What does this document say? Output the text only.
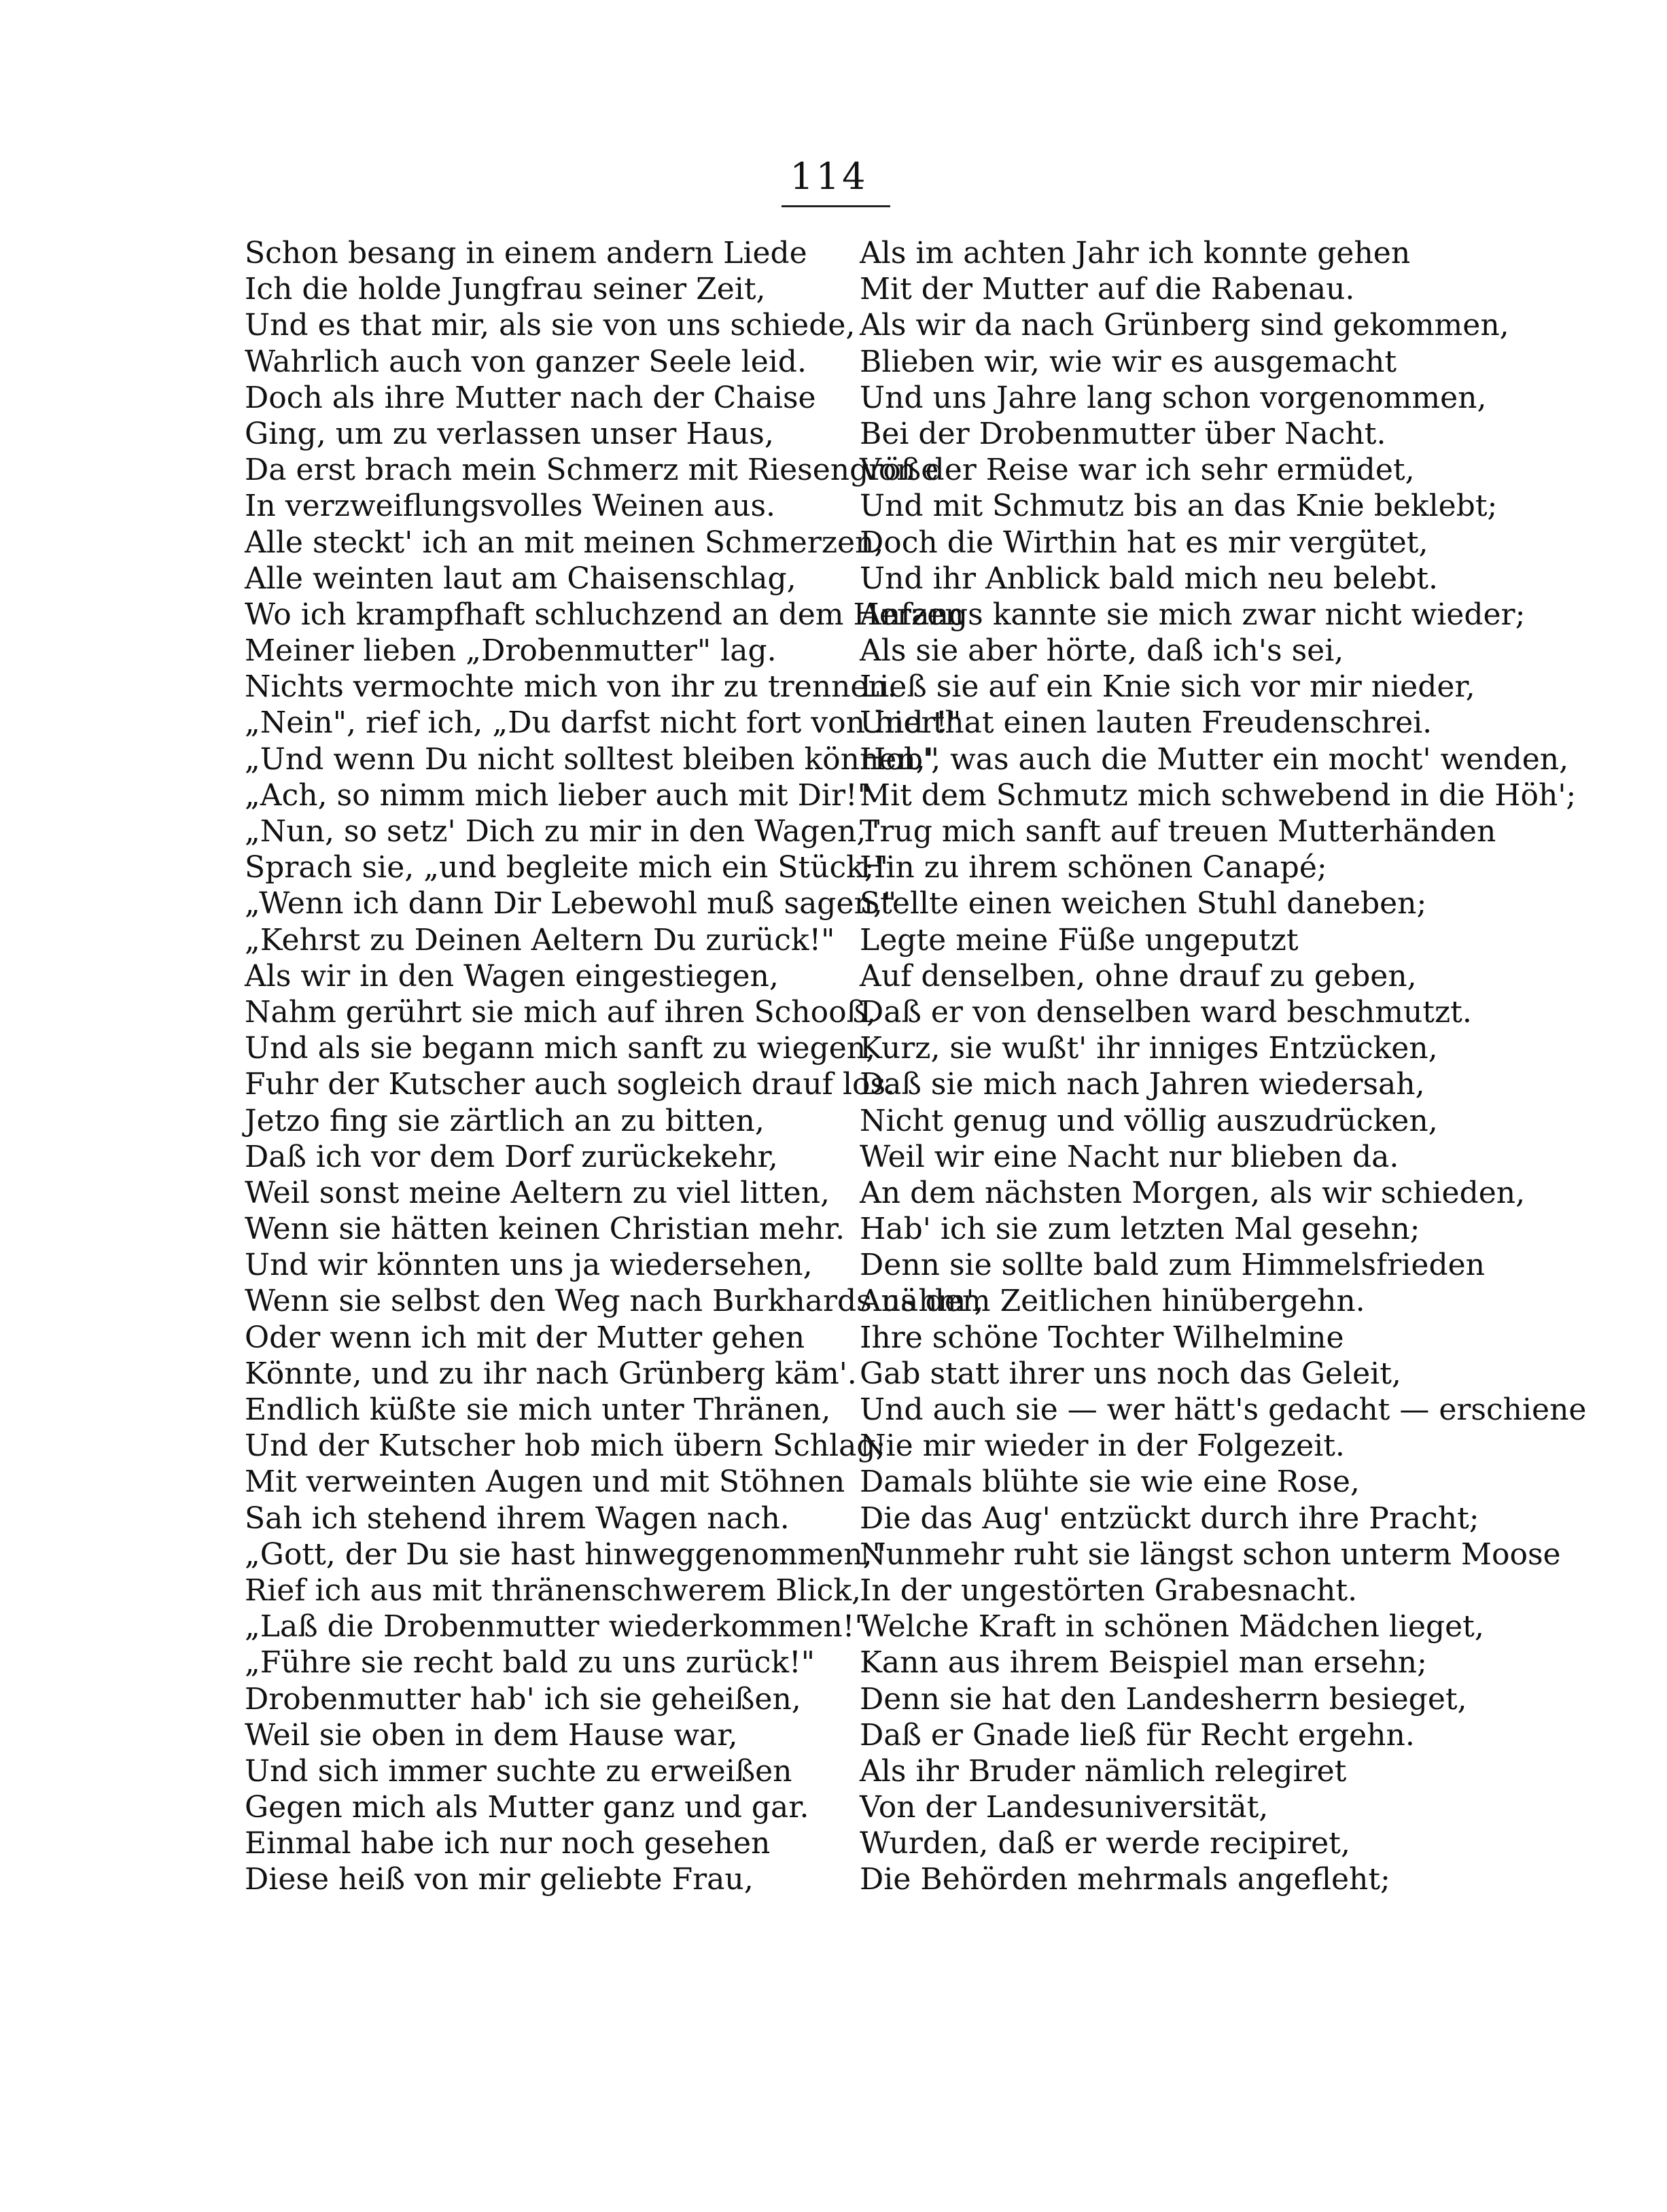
114
Schon besang in einem andern Liede
Ich die holde Jungfrau seiner Zeit,
Und es that mir, als sie von uns schiede,
Wahrlich auch von ganzer Seele leid.
Doch als ihre Mutter nach der Chaise
Ging, um zu verlassen unser Haus,
Da erst brach mein Schmerz mit Riesengröße
In verzweiflungsvolles Weinen aus.
Alle steckt' ich an mit meinen Schmerzen,
Alle weinten laut am Chaisenschlag,
Wo ich krampfhaft schluchzend an dem Herzen
Meiner lieben „Drobenmutter" lag.
Nichts vermochte mich von ihr zu trennen.
„Nein", rief ich, „Du darfst nicht fort von hier!"
„Und wenn Du nicht solltest bleiben können,"
„Ach, so nimm mich lieber auch mit Dir!"
„Nun, so setz' Dich zu mir in den Wagen,"
Sprach sie, „und begleite mich ein Stück;"
„Wenn ich dann Dir Lebewohl muß sagen,"
„Kehrst zu Deinen Aeltern Du zurück!"
Als wir in den Wagen eingestiegen,
Nahm gerührt sie mich auf ihren Schooß,
Und als sie begann mich sanft zu wiegen,
Fuhr der Kutscher auch sogleich drauf los.
Jetzo fing sie zärtlich an zu bitten,
Daß ich vor dem Dorf zurückekehr,
Weil sonst meine Aeltern zu viel litten,
Wenn sie hätten keinen Christian mehr.
Und wir könnten uns ja wiedersehen,
Wenn sie selbst den Weg nach Burkhards nähm',
Oder wenn ich mit der Mutter gehen
Könnte, und zu ihr nach Grünberg käm'.
Endlich küßte sie mich unter Thränen,
Und der Kutscher hob mich übern Schlag;
Mit verweinten Augen und mit Stöhnen
Sah ich stehend ihrem Wagen nach.
„Gott, der Du sie hast hinweggenommen,"
Rief ich aus mit thränenschwerem Blick,
„Laß die Drobenmutter wiederkommen!"
„Führe sie recht bald zu uns zurück!"
Drobenmutter hab' ich sie geheißen,
Weil sie oben in dem Hause war,
Und sich immer suchte zu erweißen
Gegen mich als Mutter ganz und gar.
Einmal habe ich nur noch gesehen
Diese heiß von mir geliebte Frau,
Als im achten Jahr ich konnte gehen
Mit der Mutter auf die Rabenau.
Als wir da nach Grünberg sind gekommen,
Blieben wir, wie wir es ausgemacht
Und uns Jahre lang schon vorgenommen,
Bei der Drobenmutter über Nacht.
Von der Reise war ich sehr ermüdet,
Und mit Schmutz bis an das Knie beklebt;
Doch die Wirthin hat es mir vergütet,
Und ihr Anblick bald mich neu belebt.
Anfangs kannte sie mich zwar nicht wieder;
Als sie aber hörte, daß ich's sei,
Ließ sie auf ein Knie sich vor mir nieder,
Und that einen lauten Freudenschrei.
Hob', was auch die Mutter ein mocht' wenden,
Mit dem Schmutz mich schwebend in die Höh';
Trug mich sanft auf treuen Mutterhänden
Hin zu ihrem schönen Canapé;
Stellte einen weichen Stuhl daneben;
Legte meine Füße ungeputzt
Auf denselben, ohne drauf zu geben,
Daß er von denselben ward beschmutzt.
Kurz, sie wußt' ihr inniges Entzücken,
Daß sie mich nach Jahren wiedersah,
Nicht genug und völlig auszudrücken,
Weil wir eine Nacht nur blieben da.
An dem nächsten Morgen, als wir schieden,
Hab' ich sie zum letzten Mal gesehn;
Denn sie sollte bald zum Himmelsfrieden
Aus dem Zeitlichen hinübergehn.
Ihre schöne Tochter Wilhelmine
Gab statt ihrer uns noch das Geleit,
Und auch sie — wer hätt's gedacht — erschiene
Nie mir wieder in der Folgezeit.
Damals blühte sie wie eine Rose,
Die das Aug' entzückt durch ihre Pracht;
Nunmehr ruht sie längst schon unterm Moose
In der ungestörten Grabesnacht.
Welche Kraft in schönen Mädchen lieget,
Kann aus ihrem Beispiel man ersehn;
Denn sie hat den Landesherrn besieget,
Daß er Gnade ließ für Recht ergehn.
Als ihr Bruder nämlich relegiret
Von der Landesuniversität,
Wurden, daß er werde recipiret,
Die Behörden mehrmals angefleht;
